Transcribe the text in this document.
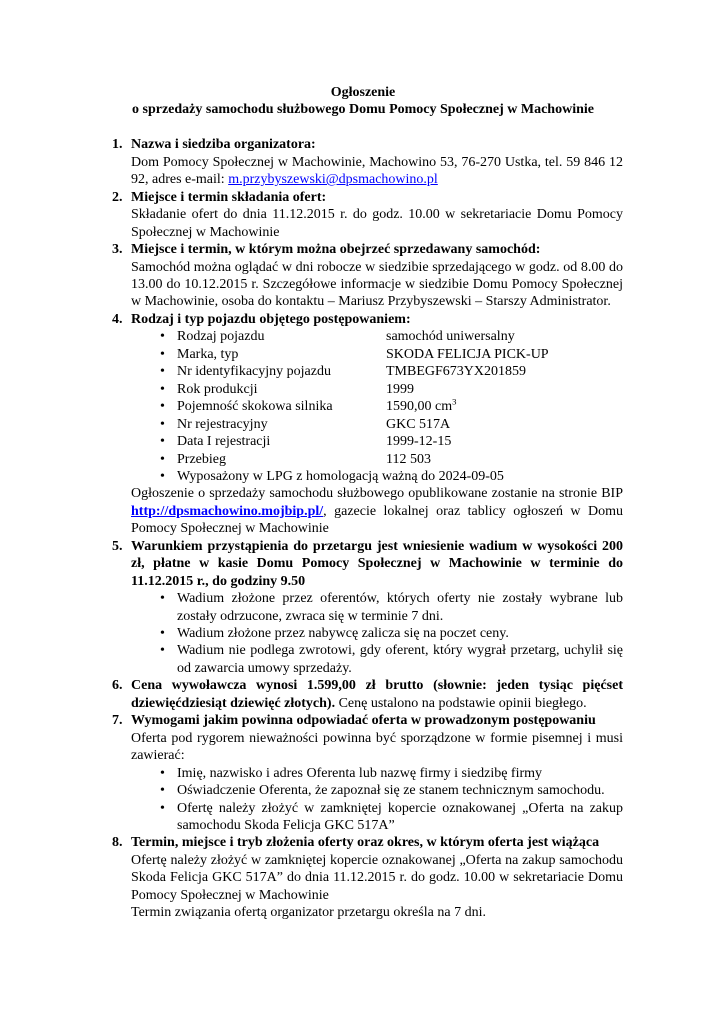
Ogłoszenie
o sprzedaży samochodu służbowego Domu Pomocy Społecznej w Machowinie
1. Nazwa i siedziba organizatora:
Dom Pomocy Społecznej w Machowinie, Machowino 53, 76-270 Ustka, tel. 59 846 12 92, adres e-mail: m.przybyszewski@dpsmachowino.pl
2. Miejsce i termin składania ofert:
Składanie ofert do dnia 11.12.2015 r. do godz. 10.00 w sekretariacie Domu Pomocy Społecznej w Machowinie
3. Miejsce i termin, w którym można obejrzeć sprzedawany samochód:
Samochód można oglądać w dni robocze w siedzibie sprzedającego w godz. od 8.00 do 13.00 do 10.12.2015 r. Szczegółowe informacje w siedzibie Domu Pomocy Społecznej w Machowinie, osoba do kontaktu – Mariusz Przybyszewski – Starszy Administrator.
4. Rodzaj i typ pojazdu objętego postępowaniem:
• Rodzaj pojazdu	samochód uniwersalny
• Marka, typ	SKODA FELICJA PICK-UP
• Nr identyfikacyjny pojazdu	TMBEGF673YX201859
• Rok produkcji	1999
• Pojemność skokowa silnika	1590,00 $cm^3$
• Nr rejestracyjny	GKC 517A
• Data I rejestracji	1999-12-15
• Przebieg	112 503
• Wyposażony w LPG z homologacją ważną do 2024-09-05
Ogłoszenie o sprzedaży samochodu służbowego opublikowane zostanie na stronie BIP http://dpsmachowino.mojbip.pl/, gazecie lokalnej oraz tablicy ogłoszeń w Domu Pomocy Społecznej w Machowinie
5. Warunkiem przystąpienia do przetargu jest wniesienie wadium w wysokości 200 zł, płatne w kasie Domu Pomocy Społecznej w Machowinie w terminie do 11.12.2015 r., do godziny 9.50
• Wadium złożone przez oferentów, których oferty nie zostały wybrane lub zostały odrzucone, zwraca się w terminie 7 dni.
• Wadium złożone przez nabywcę zalicza się na poczet ceny.
• Wadium nie podlega zwrotowi, gdy oferent, który wygrał przetarg, uchylił się od zawarcia umowy sprzedaży.
6. Cena wywoławcza wynosi 1.599,00 zł brutto (słownie: jeden tysiąc pięćset dziewięćdziesiąt dziewięć złotych). Cenę ustalono na podstawie opinii biegłego.
7. Wymogami jakim powinna odpowiadać oferta w prowadzonym postępowaniu
Oferta pod rygorem nieważności powinna być sporządzone w formie pisemnej i musi zawierać:
• Imię, nazwisko i adres Oferenta lub nazwę firmy i siedzibę firmy
• Oświadczenie Oferenta, że zapoznał się ze stanem technicznym samochodu.
• Ofertę należy złożyć w zamkniętej kopercie oznakowanej „Oferta na zakup samochodu Skoda Felicja GKC 517A”
8. Termin, miejsce i tryb złożenia oferty oraz okres, w którym oferta jest wiążąca
Ofertę należy złożyć w zamkniętej kopercie oznakowanej „Oferta na zakup samochodu Skoda Felicja GKC 517A” do dnia 11.12.2015 r. do godz. 10.00 w sekretariacie Domu Pomocy Społecznej w Machowinie
Termin związania ofertą organizator przetargu określa na 7 dni.
